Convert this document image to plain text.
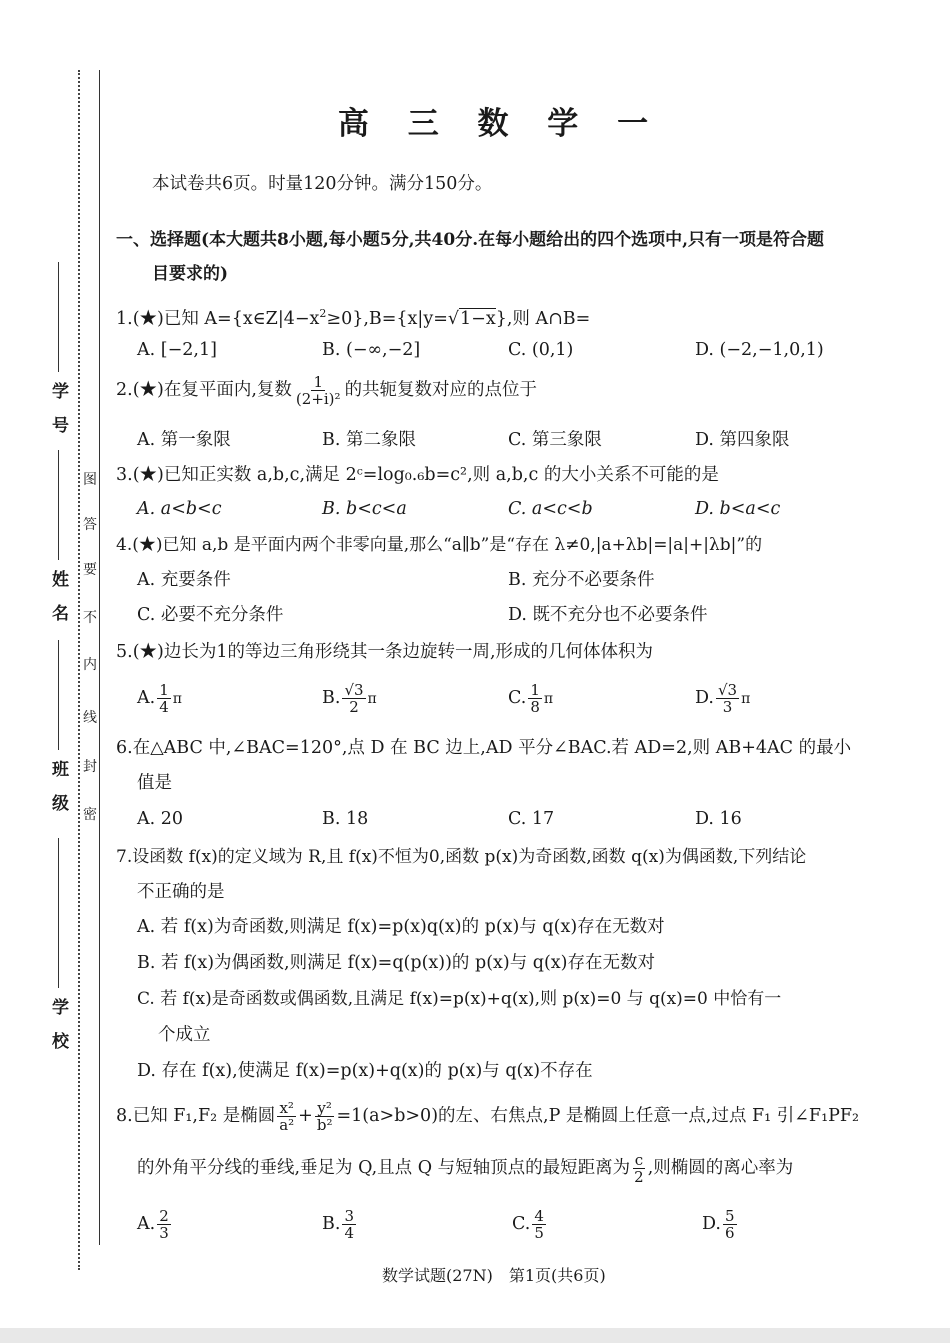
学　号
姓　名
班　级
学　校
图
答
要
不
内
线
封
密
高 三 数 学 一
本试卷共6页。时量120分钟。满分150分。
一、选择题(本大题共8小题,每小题5分,共40分.在每小题给出的四个选项中,只有一项是符合题
目要求的)
1.(★)已知 $A=\{x\in Z|4-x^2\ge 0\},B=\{x|y=√1-x\}$,则 A∩B=
A. [−2,1]	B. (−∞,−2]	C. (0,1)	D. (−2,−1,0,1)
2.(★)在复平面内,复数 $\frac{1}{\text{(2+i)²}}$ 的共轭复数对应的点位于
A. 第一象限	B. 第二象限	C. 第三象限	D. 第四象限
3.(★)已知正实数 a,b,c,满足 2ᶜ=log₀.₆b=c²,则 a,b,c 的大小关系不可能的是　
A. a<b<c	B. b<c<a	C. a<c<b	D. b<a<c
4.(★)已知 a,b 是平面内两个非零向量,那么“a∥b”是“存在 λ≠0,|a+λb|=|a|+|λb|”的
A. 充要条件	B. 充分不必要条件
C. 必要不充分条件	D. 既不充分也不必要条件
5.(★)边长为1的等边三角形绕其一条边旋转一周,形成的几何体体积为
A. $\frac{1}{4}$ π	B. $\frac{√3}{2}$ π	C. $\frac{1}{8}$ π	D. $\frac{√3}{3}$ π
6.在△ABC 中,∠BAC=120°,点 D 在 BC 边上,AD 平分∠BAC.若 AD=2,则 AB+4AC 的最小
值是
A. 20	B. 18	C. 17	D. 16
7.设函数 f(x)的定义域为 R,且 f(x)不恒为0,函数 p(x)为奇函数,函数 q(x)为偶函数,下列结论
不正确的是
A. 若 f(x)为奇函数,则满足 f(x)=p(x)q(x)的 p(x)与 q(x)存在无数对
B. 若 f(x)为偶函数,则满足 f(x)=q(p(x))的 p(x)与 q(x)存在无数对
C. 若 f(x)是奇函数或偶函数,且满足 f(x)=p(x)+q(x),则 p(x)=0 与 q(x)=0 中恰有一
个成立
D. 存在 f(x),使满足 f(x)=p(x)+q(x)的 p(x)与 q(x)不存在
8.已知 F₁,F₂ 是椭圆 $\frac{\text{x²}}{\text{a²}} + \frac{\text{y²}}{\text{b²}} =1(a>b>0)$的左、右焦点,P 是椭圆上任意一点,过点 F₁ 引∠F₁PF₂
的外角平分线的垂线,垂足为 Q,且点 Q 与短轴顶点的最短距离为 $\frac{c}{2}$ ,则椭圆的离心率为
A. $\frac{2}{3}$	B. $\frac{3}{4}$	C. $\frac{4}{5}$	D. $\frac{5}{6}$
数学试题(27N)　第1页(共6页)
